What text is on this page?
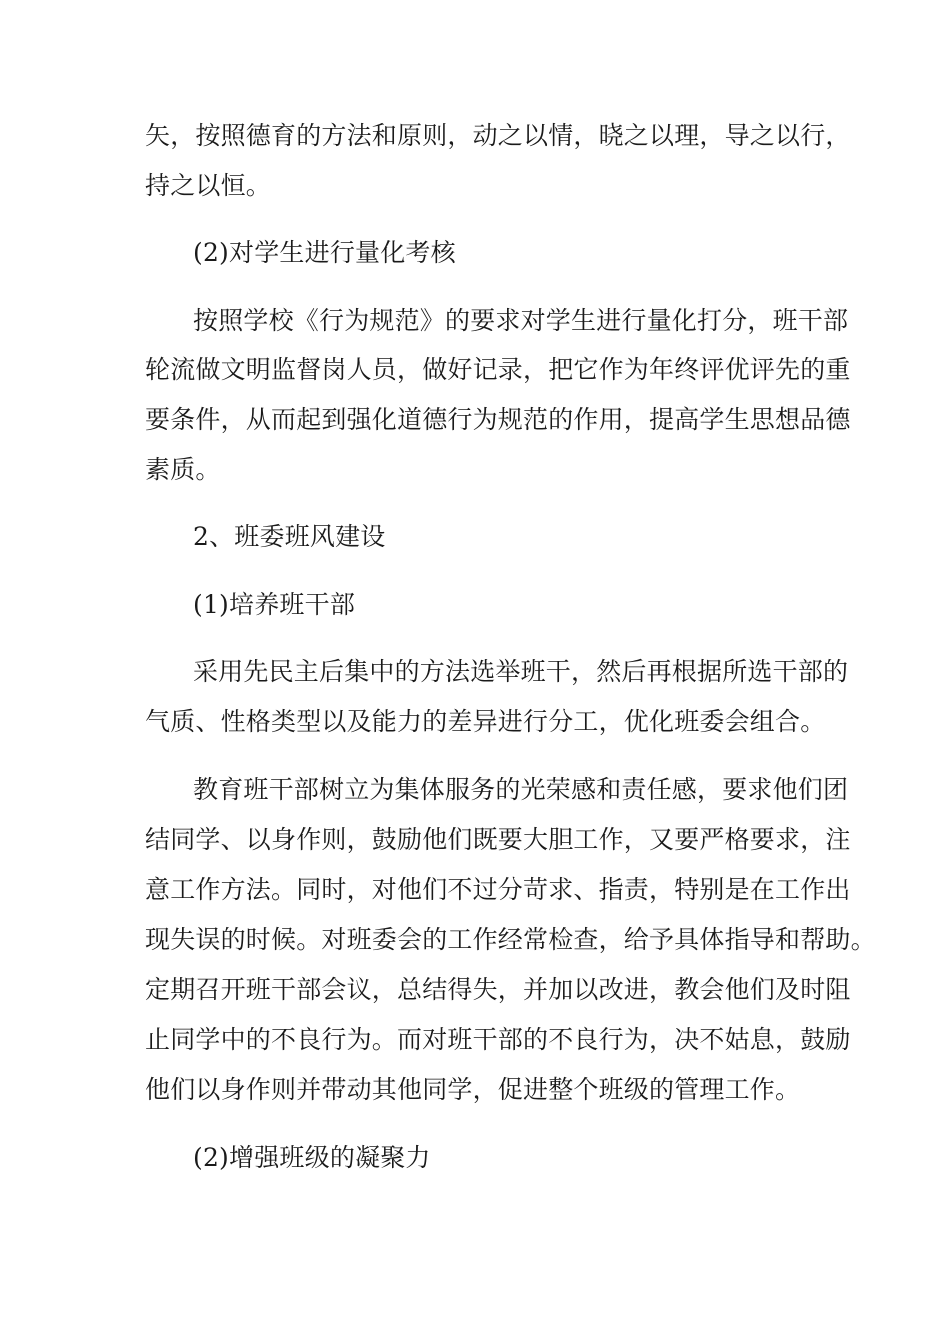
矢，按照德育的方法和原则，动之以情，晓之以理，导之以行，
持之以恒。
(2)对学生进行量化考核
按照学校《行为规范》的要求对学生进行量化打分，班干部
轮流做文明监督岗人员，做好记录，把它作为年终评优评先的重
要条件，从而起到强化道德行为规范的作用，提高学生思想品德
素质。
2、班委班风建设
(1)培养班干部
采用先民主后集中的方法选举班干，然后再根据所选干部的
气质、性格类型以及能力的差异进行分工，优化班委会组合。
教育班干部树立为集体服务的光荣感和责任感，要求他们团
结同学、以身作则，鼓励他们既要大胆工作，又要严格要求，注
意工作方法。同时，对他们不过分苛求、指责，特别是在工作出
现失误的时候。对班委会的工作经常检查，给予具体指导和帮助。
定期召开班干部会议，总结得失，并加以改进，教会他们及时阻
止同学中的不良行为。而对班干部的不良行为，决不姑息，鼓励
他们以身作则并带动其他同学，促进整个班级的管理工作。
(2)增强班级的凝聚力
